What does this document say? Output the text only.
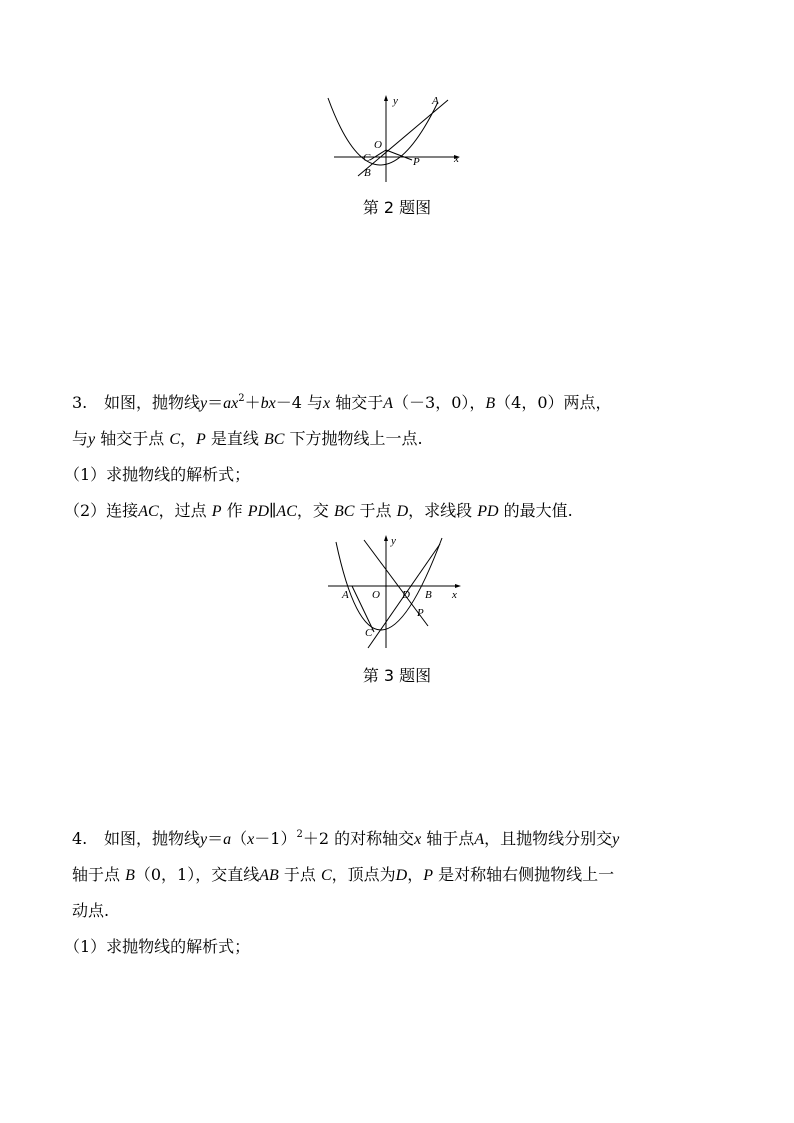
y	A
O
C	P	x
B
第 2 题图
3. 如图，抛物线$y=ax^2+bx-4$ 与x 轴交于A（－3，0），B（4，0）两点，
与y 轴交于点 C，P 是直线 BC 下方抛物线上一点.
（1）求抛物线的解析式；
（2）连接AC，过点 P 作 PD∥AC，交 BC 于点 D，求线段 PD 的最大值.
y
A O D B x
P
C
第 3 题图
4. 如图，抛物线$y=a(x-1)^2+2$ 的对称轴交x 轴于点A，且抛物线分别交y
轴于点 B（0，1），交直线AB 于点 C，顶点为D，P 是对称轴右侧抛物线上一
动点.
（1）求抛物线的解析式；
